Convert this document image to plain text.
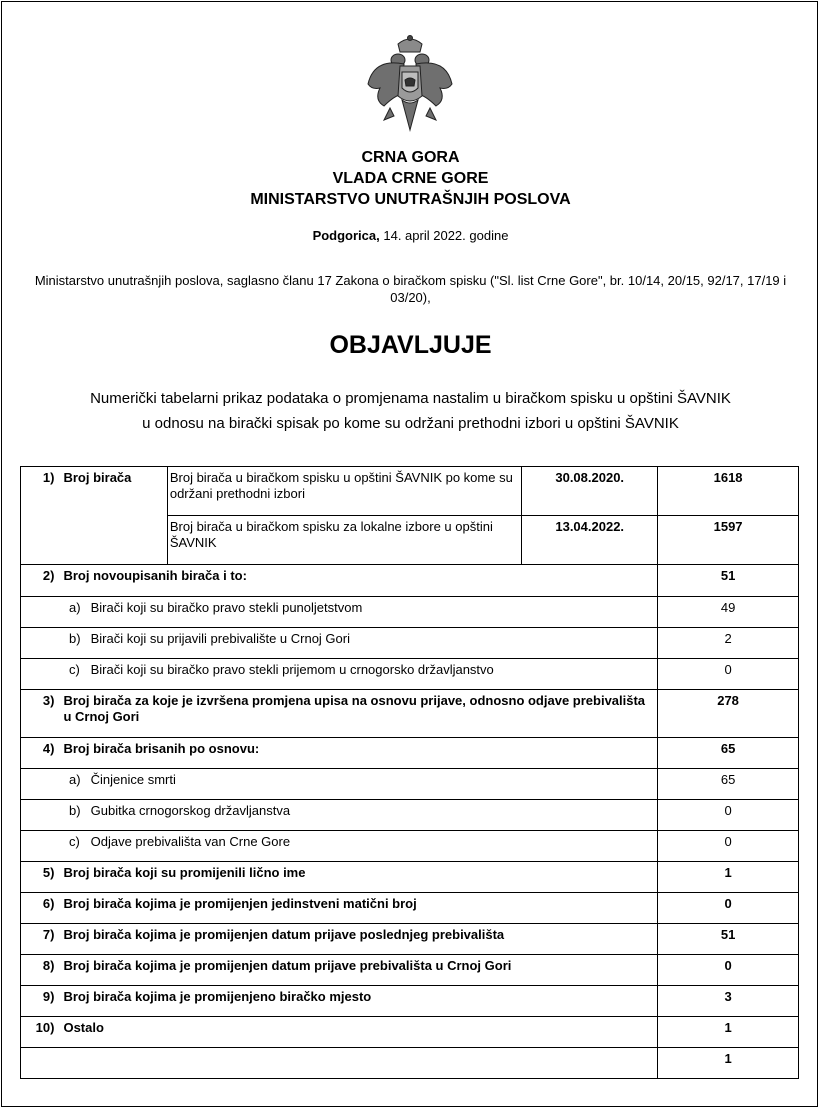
CRNA GORA
VLADA CRNE GORE
MINISTARSTVO UNUTRAŠNJIH POSLOVA
Podgorica, 14. april 2022. godine
Ministarstvo unutrašnjih poslova, saglasno članu 17 Zakona o biračkom spisku ("Sl. list Crne Gore", br. 10/14, 20/15, 92/17, 17/19 i 03/20),
OBJAVLJUJE
Numerički tabelarni prikaz podataka o promjenama nastalim u biračkom spisku u opštini ŠAVNIK
u odnosu na birački spisak po kome su održani prethodni izbori u opštini ŠAVNIK
1)	Broj birača	Broj birača u biračkom spisku u opštini ŠAVNIK po kome su održani prethodni izbori	30.08.2020.	1618
		Broj birača u biračkom spisku za lokalne izbore u opštini ŠAVNIK	13.04.2022.	1597
2)	Broj novoupisanih birača i to:			51
a) Birači koji su biračko pravo stekli punoljetstvom				49
b) Birači koji su prijavili prebivalište u Crnoj Gori				2
c) Birači koji su biračko pravo stekli prijemom u crnogorsko državljanstvo				0
3)	Broj birača za koje je izvršena promjena upisa na osnovu prijave, odnosno odjave prebivališta u Crnoj Gori			278
4)	Broj birača brisanih po osnovu:			65
a) Činjenice smrti				65
b) Gubitka crnogorskog državljanstva				0
c) Odjave prebivališta van Crne Gore				0
5)	Broj birača koji su promijenili lično ime			1
6)	Broj birača kojima je promijenjen jedinstveni matični broj			0
7)	Broj birača kojima je promijenjen datum prijave poslednjeg prebivališta			51
8)	Broj birača kojima je promijenjen datum prijave prebivališta u Crnoj Gori			0
9)	Broj birača kojima je promijenjeno biračko mjesto			3
10)	Ostalo			1
				1
